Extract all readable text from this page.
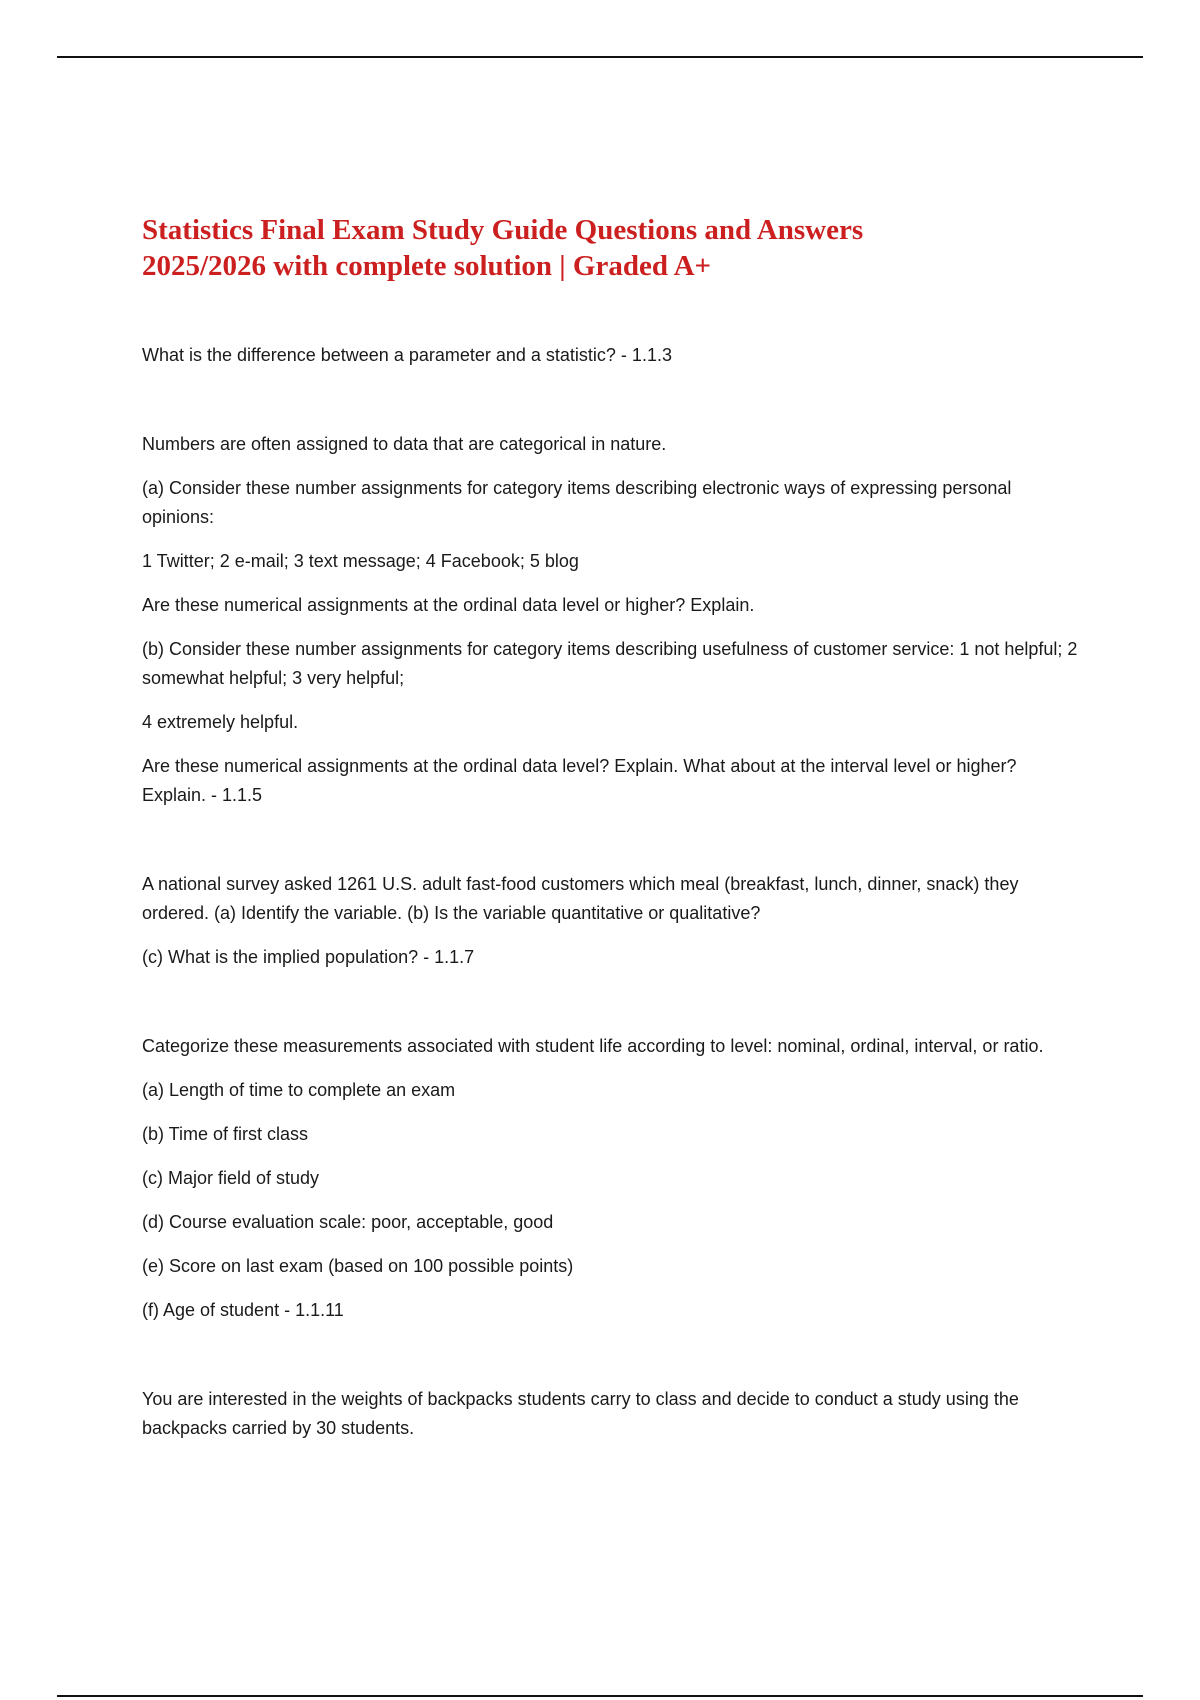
Statistics Final Exam Study Guide Questions and Answers
2025/2026 with complete solution | Graded A+

What is the difference between a parameter and a statistic? - 1.1.3

Numbers are often assigned to data that are categorical in nature.

(a) Consider these number assignments for category items describing electronic ways of expressing personal opinions:

1 Twitter; 2 e-mail; 3 text message; 4 Facebook; 5 blog

Are these numerical assignments at the ordinal data level or higher? Explain.

(b) Consider these number assignments for category items describing usefulness of customer service: 1 not helpful; 2 somewhat helpful; 3 very helpful;

4 extremely helpful.

Are these numerical assignments at the ordinal data level? Explain. What about at the interval level or higher? Explain. - 1.1.5

A national survey asked 1261 U.S. adult fast-food customers which meal (breakfast, lunch, dinner, snack) they ordered. (a) Identify the variable. (b) Is the variable quantitative or qualitative?

(c) What is the implied population? - 1.1.7

Categorize these measurements associated with student life according to level: nominal, ordinal, interval, or ratio.

(a) Length of time to complete an exam

(b) Time of first class

(c) Major field of study

(d) Course evaluation scale: poor, acceptable, good

(e) Score on last exam (based on 100 possible points)

(f) Age of student - 1.1.11

You are interested in the weights of backpacks students carry to class and decide to conduct a study using the backpacks carried by 30 students.
